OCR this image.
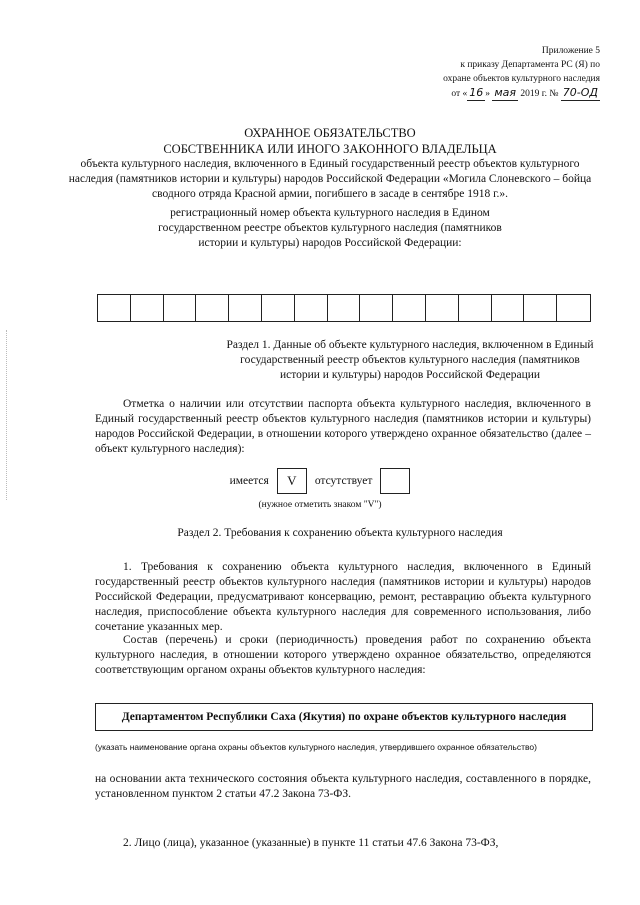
Приложение 5
к приказу Департамента РС (Я) по
охране объектов культурного наследия
от « 16 » мая 2019 г. № 70-ОД
ОХРАННОЕ ОБЯЗАТЕЛЬСТВО
СОБСТВЕННИКА ИЛИ ИНОГО ЗАКОННОГО ВЛАДЕЛЬЦА
объекта культурного наследия, включенного в Единый государственный реестр объектов культурного наследия (памятников истории и культуры) народов Российской Федерации «Могила Слоневского – бойца сводного отряда Красной армии, погибшего в засаде в сентябре 1918 г.».
регистрационный номер объекта культурного наследия в Едином государственном реестре объектов культурного наследия (памятников истории и культуры) народов Российской Федерации:
Раздел 1. Данные об объекте культурного наследия, включенном в Единый государственный реестр объектов культурного наследия (памятников истории и культуры) народов Российской Федерации
Отметка о наличии или отсутствии паспорта объекта культурного наследия, включенного в Единый государственный реестр объектов культурного наследия (памятников истории и культуры) народов Российской Федерации, в отношении которого утверждено охранное обязательство (далее – объект культурного наследия):
имеется	V	отсутствует
(нужное отметить знаком "V")
Раздел 2. Требования к сохранению объекта культурного наследия
1. Требования к сохранению объекта культурного наследия, включенного в Единый государственный реестр объектов культурного наследия (памятников истории и культуры) народов Российской Федерации, предусматривают консервацию, ремонт, реставрацию объекта культурного наследия, приспособление объекта культурного наследия для современного использования, либо сочетание указанных мер.
Состав (перечень) и сроки (периодичность) проведения работ по сохранению объекта культурного наследия, в отношении которого утверждено охранное обязательство, определяются соответствующим органом охраны объектов культурного наследия:
Департаментом Республики Саха (Якутия) по охране объектов культурного наследия
(указать наименование органа охраны объектов культурного наследия, утвердившего охранное обязательство)
на основании акта технического состояния объекта культурного наследия, составленного в порядке, установленном пунктом 2 статьи 47.2 Закона 73-ФЗ.
2. Лицо (лица), указанное (указанные) в пункте 11 статьи 47.6 Закона 73-ФЗ,
